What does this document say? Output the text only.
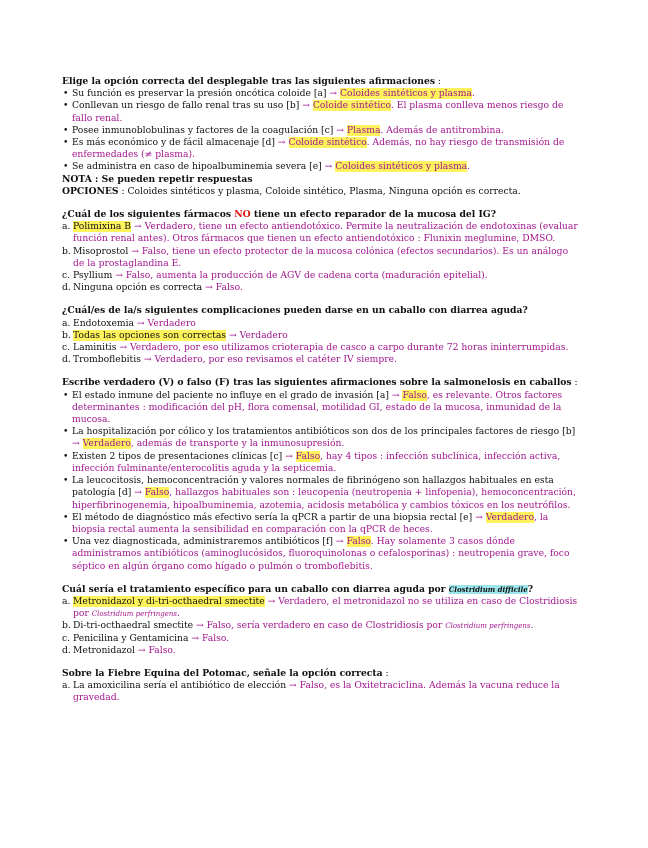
Elige la opción correcta del desplegable tras las siguientes afirmaciones :

• Su función es preservar la presión oncótica coloide [a] → Coloides sintéticos y plasma.
• Conllevan un riesgo de fallo renal tras su uso [b] → Coloide sintético. El plasma conlleva menos riesgo de fallo renal.
• Posee inmunoblobulinas y factores de la coagulación [c] → Plasma. Además de antitrombina.
• Es más económico y de fácil almacenaje [d] → Coloide sintético. Además, no hay riesgo de transmisión de enfermedades (≠ plasma).
• Se administra en caso de hipoalbuminemia severa [e] → Coloides sintéticos y plasma.

NOTA : Se pueden repetir respuestas

OPCIONES : Coloides sintéticos y plasma, Coloide sintético, Plasma, Ninguna opción es correcta.

¿Cuál de los siguientes fármacos NO tiene un efecto reparador de la mucosa del IG?

a. Polimixina B → Verdadero, tiene un efecto antiendotóxico. Permite la neutralización de endotoxinas (evaluar función renal antes). Otros fármacos que tienen un efecto antiendotóxico : Flunixin meglumine, DMSO.
b. Misoprostol → Falso, tiene un efecto protector de la mucosa colónica (efectos secundarios). Es un análogo de la prostaglandina E.
c. Psyllium → Falso, aumenta la producción de AGV de cadena corta (maduración epitelial).
d. Ninguna opción es correcta → Falso.

¿Cuál/es de la/s siguientes complicaciones pueden darse en un caballo con diarrea aguda?

a. Endotoxemia → Verdadero
b. Todas las opciones son correctas → Verdadero
c. Laminitis → Verdadero, por eso utilizamos crioterapia de casco a carpo durante 72 horas ininterrumpidas.
d. Tromboflebitis → Verdadero, por eso revisamos el catéter IV siempre.

Escribe verdadero (V) o falso (F) tras las siguientes afirmaciones sobre la salmonelosis en caballos :

• El estado inmune del paciente no influye en el grado de invasión [a] → Falso, es relevante. Otros factores determinantes : modificación del pH, flora comensal, motilidad GI, estado de la mucosa, inmunidad de la mucosa.
• La hospitalización por cólico y los tratamientos antibióticos son dos de los principales factores de riesgo [b] → Verdadero, además de transporte y la inmunosupresión.
• Existen 2 tipos de presentaciones clínicas [c] → Falso, hay 4 tipos : infección subclínica, infección activa, infección fulminante/enterocolitis aguda y la septicemia.
• La leucocitosis, hemoconcentración y valores normales de fibrinógeno son hallazgos habituales en esta patología [d] → Falso, hallazgos habituales son : leucopenia (neutropenia + linfopenia), hemoconcentración, hiperfibrinogenemia, hipoalbuminemia, azotemia, acidosis metabólica y cambios tóxicos en los neutrófilos.
• El método de diagnóstico más efectivo sería la qPCR a partir de una biopsia rectal [e] → Verdadero, la biopsia rectal aumenta la sensibilidad en comparación con la qPCR de heces.
• Una vez diagnosticada, administraremos antibióticos [f] → Falso. Hay solamente 3 casos dónde administramos antibióticos (aminoglucósidos, fluoroquinolonas o cefalosporinas) : neutropenia grave, foco séptico en algún órgano como hígado o pulmón o tromboflebitis.

Cuál sería el tratamiento específico para un caballo con diarrea aguda por Clostridium difficile?

a. Metronidazol y di-tri-octhaedral smectite → Verdadero, el metronidazol no se utiliza en caso de Clostridiosis por Clostridium perfringens.
b. Di-tri-octhaedral smectite → Falso, sería verdadero en caso de Clostridiosis por Clostridium perfringens.
c. Penicilina y Gentamicina → Falso.
d. Metronidazol → Falso.

Sobre la Fiebre Equina del Potomac, señale la opción correcta :

a. La amoxicilina sería el antibiótico de elección → Falso, es la Oxitetraciclina. Además la vacuna reduce la gravedad.
